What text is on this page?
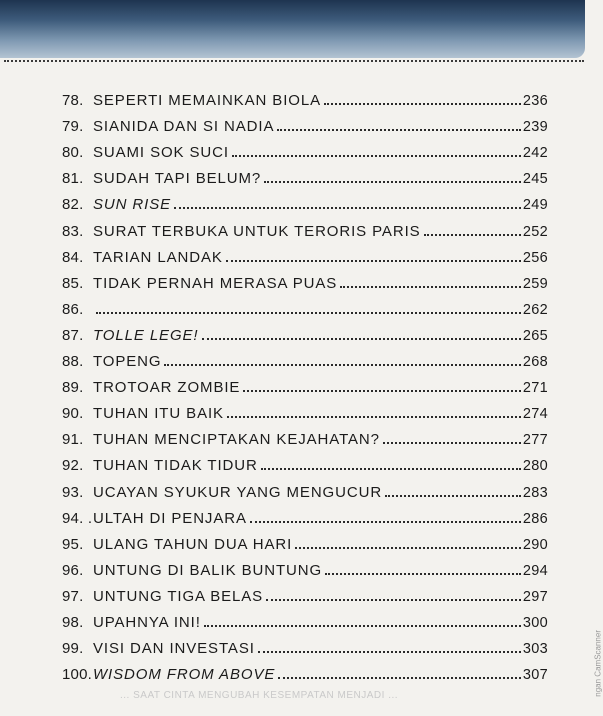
78. SEPERTI MEMAINKAN BIOLA	236
79. SIANIDA DAN SI NADIA	239
80. SUAMI SOK SUCI	242
81. SUDAH TAPI BELUM?	245
82. SUN RISE	249
83. SURAT TERBUKA UNTUK TERORIS PARIS	252
84. TARIAN LANDAK	256
85. TIDAK PERNAH MERASA PUAS	259
86.	262
87. TOLLE LEGE!	265
88. TOPENG	268
89. TROTOAR ZOMBIE	271
90. TUHAN ITU BAIK	274
91. TUHAN MENCIPTAKAN KEJAHATAN?	277
92. TUHAN TIDAK TIDUR	280
93. UCAYAN SYUKUR YANG MENGUCUR	283
94. . ULTAH DI PENJARA	286
95. ULANG TAHUN DUA HARI	290
96. UNTUNG DI BALIK BUNTUNG	294
97. UNTUNG TIGA BELAS	297
98. UPAHNYA INI!	300
99. VISI DAN INVESTASI	303
100. WISDOM FROM ABOVE	307
... SAAT CINTA MENGUBAH KESEMPATAN MENJADI ...	ngan CamScanner
